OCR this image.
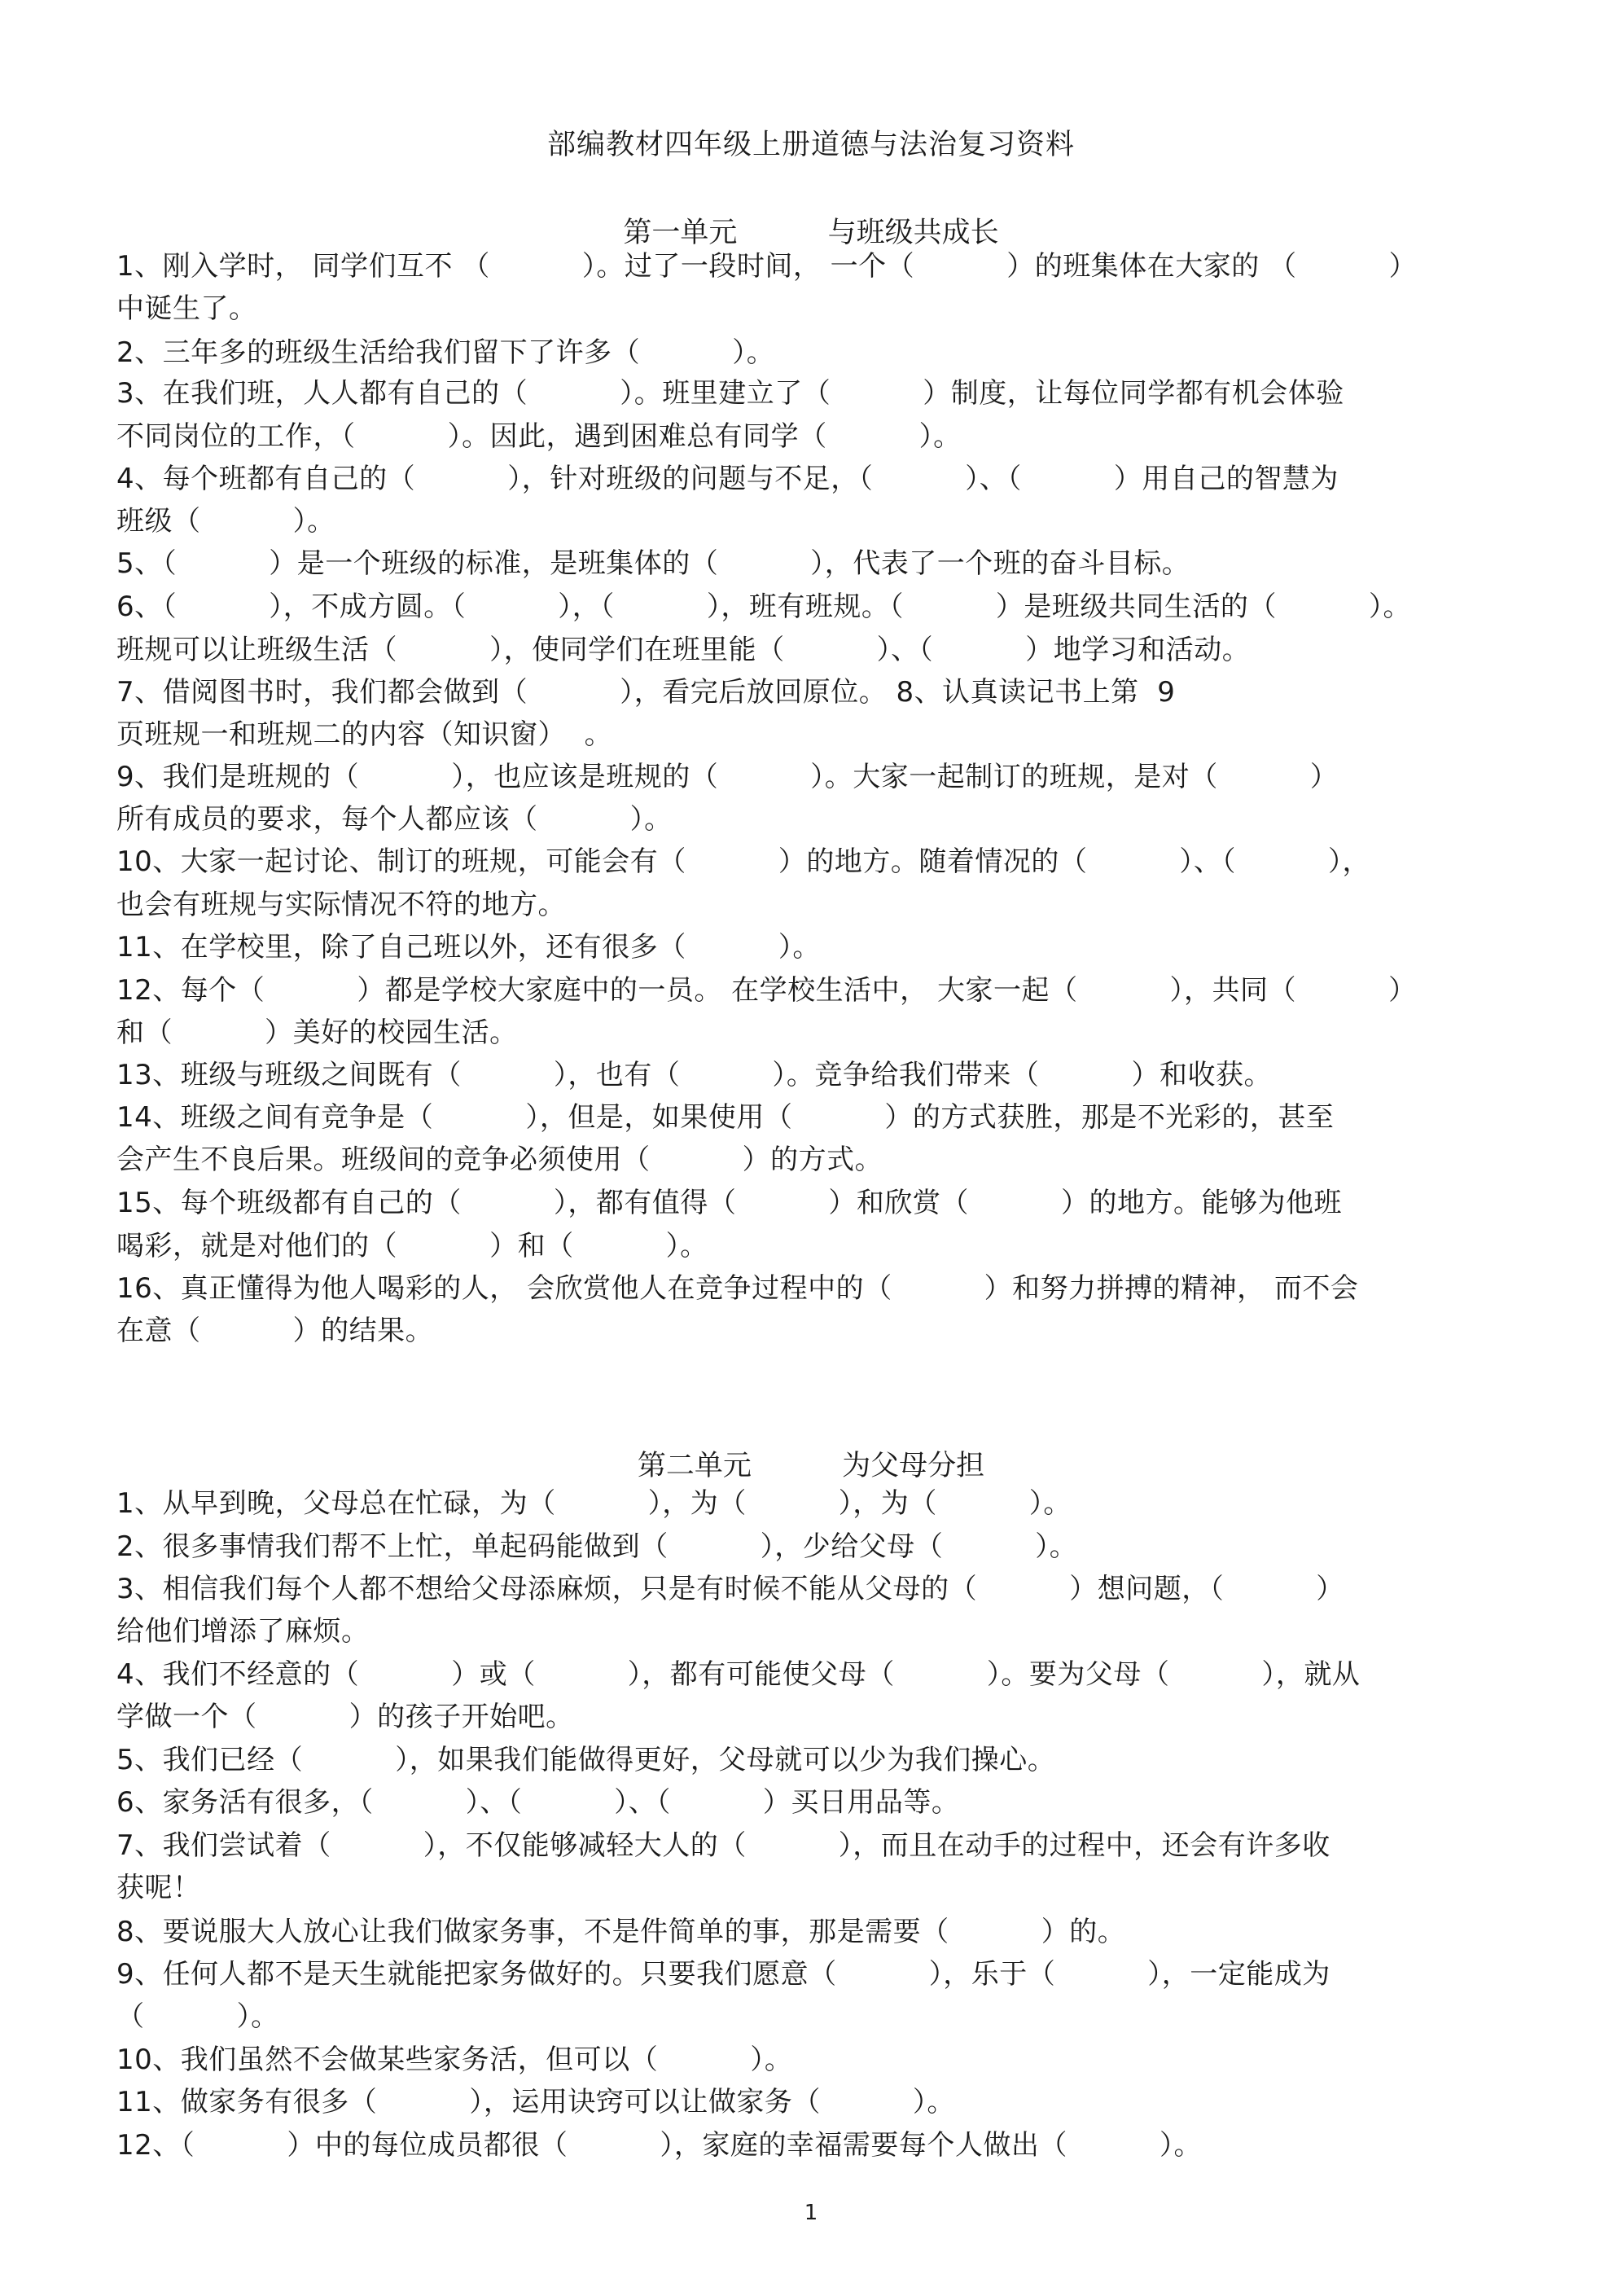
部编教材四年级上册道德与法治复习资料
第一单元          与班级共成长
1、刚入学时， 同学们互不 （          ）。过了一段时间， 一个（          ）的班集体在大家的 （          ）
中诞生了。
2、三年多的班级生活给我们留下了许多（          ）。
3、在我们班，人人都有自己的（          ）。班里建立了（          ）制度，让每位同学都有机会体验
不同岗位的工作，（          ）。因此，遇到困难总有同学（          ）。
4、每个班都有自己的（          ），针对班级的问题与不足，（          ）、（          ）用自己的智慧为
班级（          ）。
5、（          ）是一个班级的标准，是班集体的（          ），代表了一个班的奋斗目标。
6、（          ），不成方圆。（          ），（          ），班有班规。（          ）是班级共同生活的（          ）。
班规可以让班级生活（          ），使同学们在班里能（          ）、（          ）地学习和活动。
7、借阅图书时，我们都会做到（          ），看完后放回原位。 8、认真读记书上第  9
页班规一和班规二的内容（知识窗）  。
9、我们是班规的（          ），也应该是班规的（          ）。大家一起制订的班规，是对（          ）
所有成员的要求，每个人都应该（          ）。
10、大家一起讨论、制订的班规，可能会有（          ）的地方。随着情况的（          ）、（          ），
也会有班规与实际情况不符的地方。
11、在学校里，除了自己班以外，还有很多（          ）。
12、每个（          ）都是学校大家庭中的一员。 在学校生活中， 大家一起（          ），共同（          ）
和（          ）美好的校园生活。
13、班级与班级之间既有（          ），也有（          ）。竞争给我们带来（          ）和收获。
14、班级之间有竞争是（          ），但是，如果使用（          ）的方式获胜，那是不光彩的，甚至
会产生不良后果。班级间的竞争必须使用（          ）的方式。
15、每个班级都有自己的（          ），都有值得（          ）和欣赏（          ）的地方。能够为他班
喝彩，就是对他们的（          ）和（          ）。
16、真正懂得为他人喝彩的人， 会欣赏他人在竞争过程中的（          ）和努力拼搏的精神， 而不会
在意（          ）的结果。
第二单元          为父母分担
1、从早到晚，父母总在忙碌，为（          ），为（          ），为（          ）。
2、很多事情我们帮不上忙，单起码能做到（          ），少给父母（          ）。
3、相信我们每个人都不想给父母添麻烦，只是有时候不能从父母的（          ）想问题，（          ）
给他们增添了麻烦。
4、我们不经意的（          ）或（          ），都有可能使父母（          ）。要为父母（          ），就从
学做一个（          ）的孩子开始吧。
5、我们已经（          ），如果我们能做得更好，父母就可以少为我们操心。
6、家务活有很多，（          ）、（          ）、（          ）买日用品等。
7、我们尝试着（          ），不仅能够减轻大人的（          ），而且在动手的过程中，还会有许多收
获呢！
8、要说服大人放心让我们做家务事，不是件简单的事，那是需要（          ）的。
9、任何人都不是天生就能把家务做好的。只要我们愿意（          ），乐于（          ），一定能成为
（          ）。
10、我们虽然不会做某些家务活，但可以（          ）。
11、做家务有很多（          ），运用诀窍可以让做家务（          ）。
12、（          ）中的每位成员都很（          ），家庭的幸福需要每个人做出（          ）。
1
